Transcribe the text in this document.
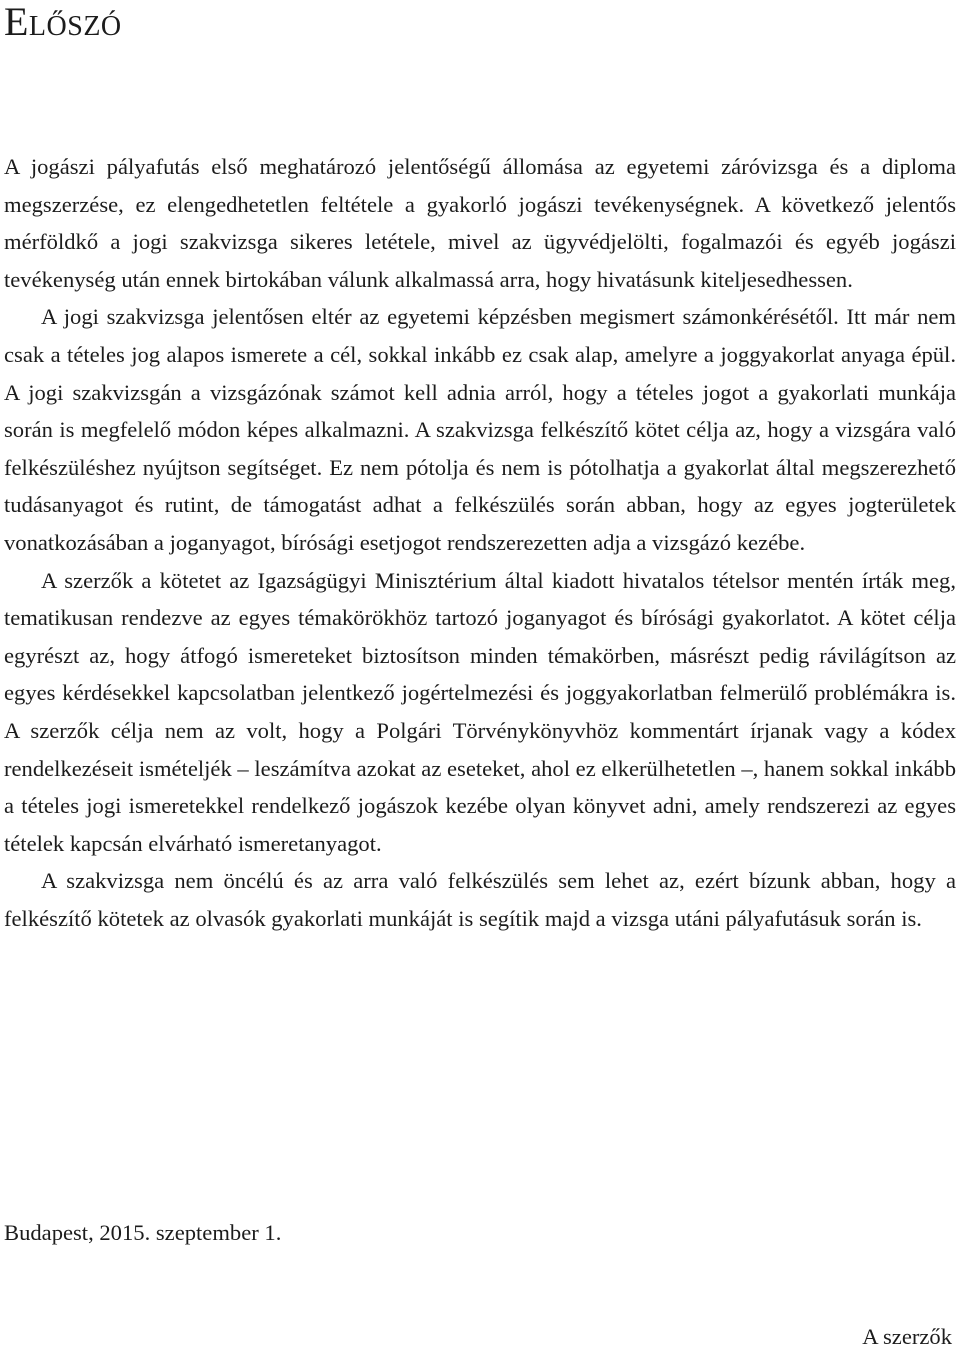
Előszó

A jogászi pályafutás első meghatározó jelentőségű állomása az egyetemi záróvizsga és a diploma megszerzése, ez elengedhetetlen feltétele a gyakorló jogászi tevékenységnek. A következő jelentős mérföldkő a jogi szakvizsga sikeres letétele, mivel az ügyvédjelölti, fogalmazói és egyéb jogászi tevékenység után ennek birtokában válunk alkalmassá arra, hogy hivatásunk kiteljesedhessen.

A jogi szakvizsga jelentősen eltér az egyetemi képzésben megismert számonkérésétől. Itt már nem csak a tételes jog alapos ismerete a cél, sokkal inkább ez csak alap, amelyre a joggyakorlat anyaga épül. A jogi szakvizsgán a vizsgázónak számot kell adnia arról, hogy a tételes jogot a gyakorlati munkája során is megfelelő módon képes alkalmazni. A szakvizsga felkészítő kötet célja az, hogy a vizsgára való felkészüléshez nyújtson segítséget. Ez nem pótolja és nem is pótolhatja a gyakorlat által megszerezhető tudásanyagot és rutint, de támogatást adhat a felkészülés során abban, hogy az egyes jogterületek vonatkozásában a joganyagot, bírósági esetjogot rendszerezetten adja a vizsgázó kezébe.

A szerzők a kötetet az Igazságügyi Minisztérium által kiadott hivatalos tételsor mentén írták meg, tematikusan rendezve az egyes témakörökhöz tartozó joganyagot és bírósági gyakorlatot. A kötet célja egyrészt az, hogy átfogó ismereteket biztosítson minden témakörben, másrészt pedig rávilágítson az egyes kérdésekkel kapcsolatban jelentkező jogértelmezési és joggyakorlatban felmerülő problémákra is. A szerzők célja nem az volt, hogy a Polgári Törvénykönyvhöz kommentárt írjanak vagy a kódex rendelkezéseit ismételjék – leszámítva azokat az eseteket, ahol ez elkerülhetetlen –, hanem sokkal inkább a tételes jogi ismeretekkel rendelkező jogászok kezébe olyan könyvet adni, amely rendszerezi az egyes tételek kapcsán elvárható ismeretanyagot.

A szakvizsga nem öncélú és az arra való felkészülés sem lehet az, ezért bízunk abban, hogy a felkészítő kötetek az olvasók gyakorlati munkáját is segítik majd a vizsga utáni pályafutásuk során is.

Budapest, 2015. szeptember 1.

A szerzők
